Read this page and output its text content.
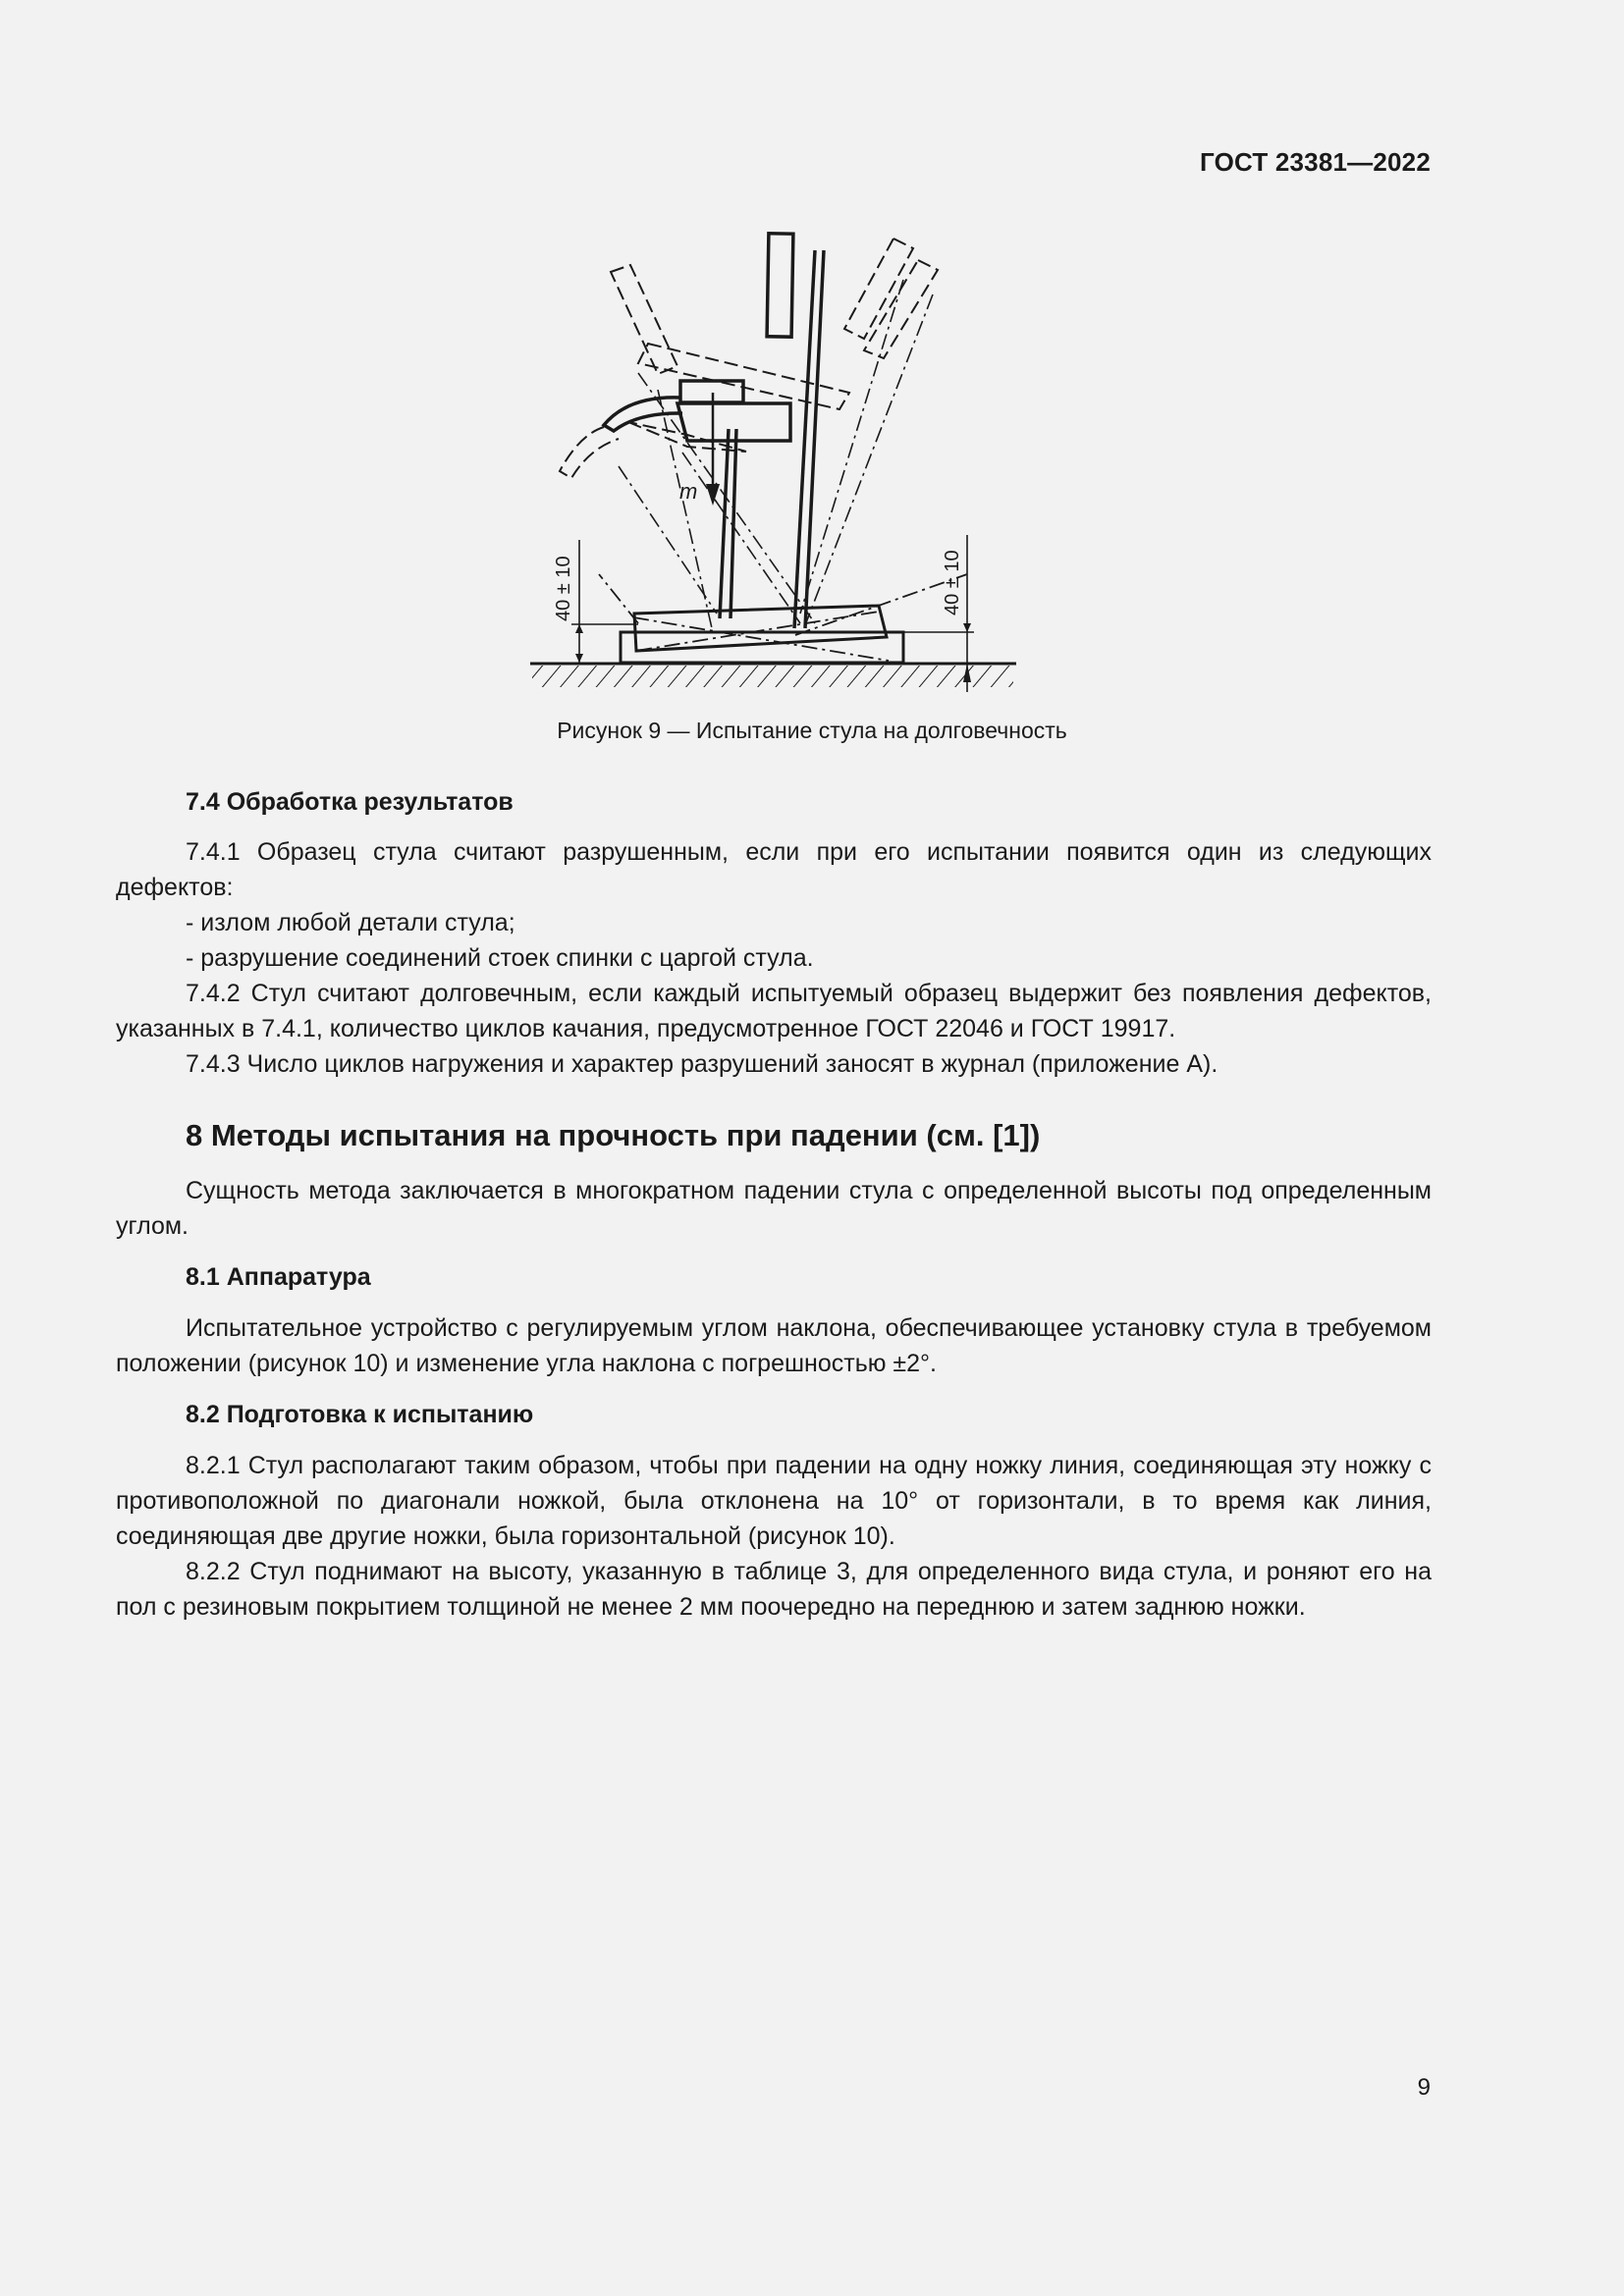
ГОСТ 23381—2022
m
40 ± 10	40 ± 10
Рисунок 9 — Испытание стула на долговечность

7.4 Обработка результатов

7.4.1 Образец стула считают разрушенным, если при его испытании появится один из следующих дефектов:

- излом любой детали стула;

- разрушение соединений стоек спинки с царгой стула.

7.4.2 Стул считают долговечным, если каждый испытуемый образец выдержит без появления дефектов, указанных в 7.4.1, количество циклов качания, предусмотренное ГОСТ 22046 и ГОСТ 19917.

7.4.3 Число циклов нагружения и характер разрушений заносят в журнал (приложение А).

8 Методы испытания на прочность при падении (см. [1])

Сущность метода заключается в многократном падении стула с определенной высоты под определенным углом.

8.1 Аппаратура

Испытательное устройство с регулируемым углом наклона, обеспечивающее установку стула в требуемом положении (рисунок 10) и изменение угла наклона с погрешностью ±2°.

8.2 Подготовка к испытанию

8.2.1 Стул располагают таким образом, чтобы при падении на одну ножку линия, соединяющая эту ножку с противоположной по диагонали ножкой, была отклонена на 10° от горизонтали, в то время как линия, соединяющая две другие ножки, была горизонтальной (рисунок 10).

8.2.2 Стул поднимают на высоту, указанную в таблице 3, для определенного вида стула, и роняют его на пол с резиновым покрытием толщиной не менее 2 мм поочередно на переднюю и затем заднюю ножки.

9
